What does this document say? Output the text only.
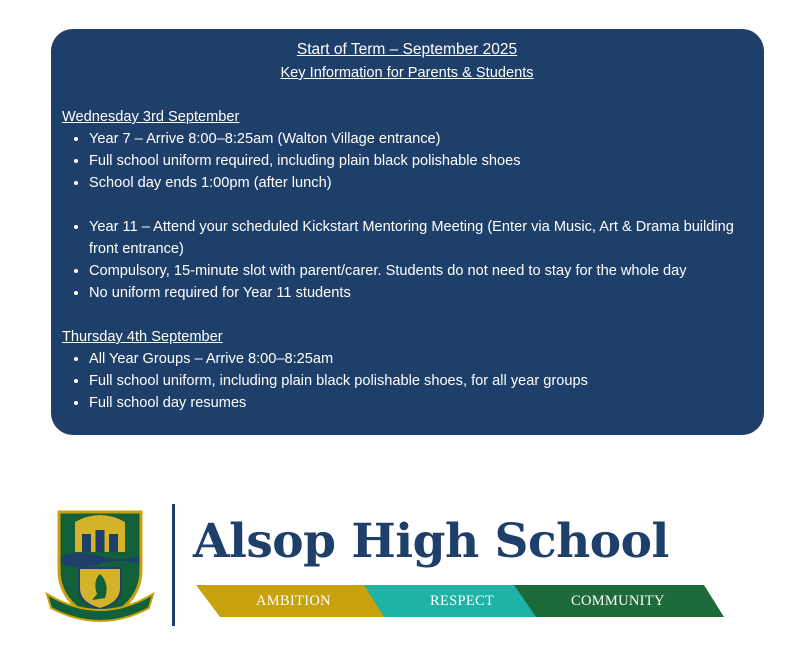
Start of Term – September 2025
Key Information for Parents & Students
Wednesday 3rd September
• Year 7 – Arrive 8:00–8:25am (Walton Village entrance)
• Full school uniform required, including plain black polishable shoes
• School day ends 1:00pm (after lunch)
• Year 11 – Attend your scheduled Kickstart Mentoring Meeting (Enter via Music, Art & Drama building front entrance)
• Compulsory, 15-minute slot with parent/carer. Students do not need to stay for the whole day
• No uniform required for Year 11 students
Thursday 4th September
• All Year Groups – Arrive 8:00–8:25am
• Full school uniform, including plain black polishable shoes, for all year groups
• Full school day resumes
Alsop High School
AMBITION	RESPECT	COMMUNITY
